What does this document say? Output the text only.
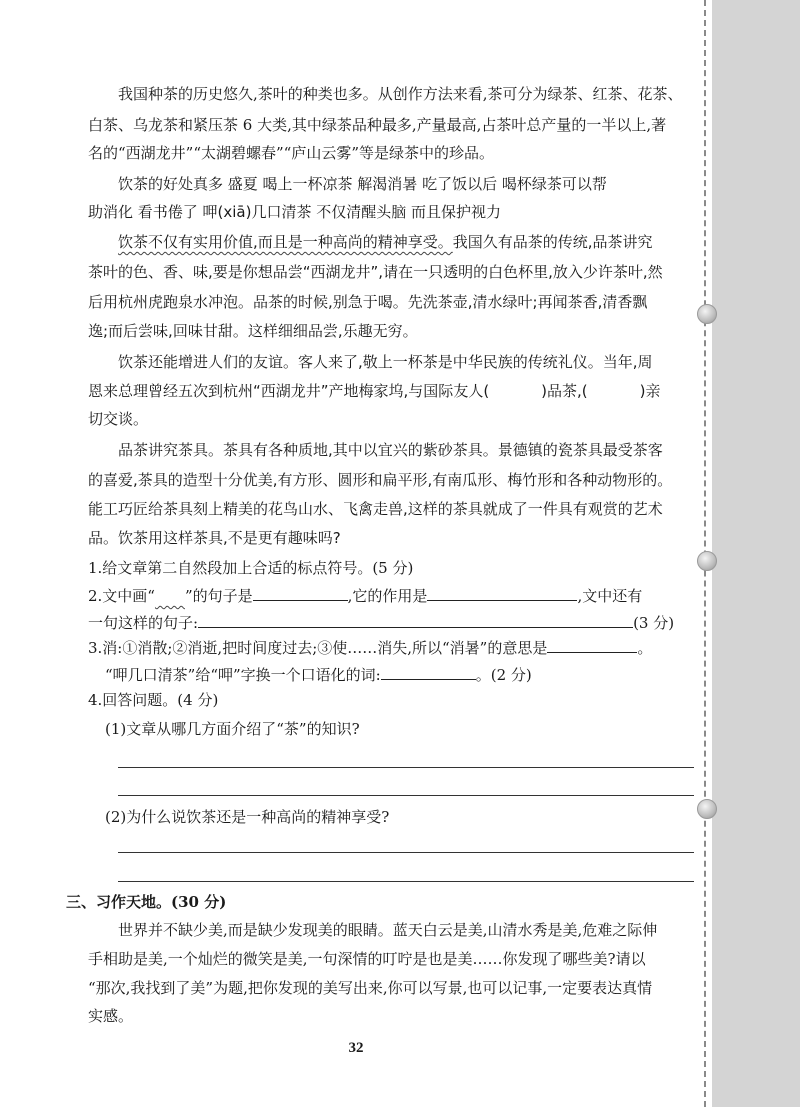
我国种茶的历史悠久,茶叶的种类也多。从创作方法来看,茶可分为绿茶、红茶、花茶、
白茶、乌龙茶和紧压茶 6 大类,其中绿茶品种最多,产量最高,占茶叶总产量的一半以上,著
名的“西湖龙井”“太湖碧螺春”“庐山云雾”等是绿茶中的珍品。
饮茶的好处真多 盛夏 喝上一杯凉茶 解渴消暑 吃了饭以后 喝杯绿茶可以帮
助消化 看书倦了 呷(xiā)几口清茶 不仅清醒头脑 而且保护视力
饮茶不仅有实用价值,而且是一种高尚的精神享受。我国久有品茶的传统,品茶讲究
茶叶的色、香、味,要是你想品尝“西湖龙井”,请在一只透明的白色杯里,放入少许茶叶,然
后用杭州虎跑泉水冲泡。品茶的时候,别急于喝。先洗茶壶,清水绿叶;再闻茶香,清香飘
逸;而后尝味,回味甘甜。这样细细品尝,乐趣无穷。
饮茶还能增进人们的友谊。客人来了,敬上一杯茶是中华民族的传统礼仪。当年,周
恩来总理曾经五次到杭州“西湖龙井”产地梅家坞,与国际友人(	)品茶,(	)亲
切交谈。
品茶讲究茶具。茶具有各种质地,其中以宜兴的紫砂茶具。景德镇的瓷茶具最受茶客
的喜爱,茶具的造型十分优美,有方形、圆形和扁平形,有南瓜形、梅竹形和各种动物形的。
能工巧匠给茶具刻上精美的花鸟山水、飞禽走兽,这样的茶具就成了一件具有观赏的艺术
品。饮茶用这样茶具,不是更有趣味吗?
1.给文章第二自然段加上合适的标点符号。(5 分)
2.文中画“     ”的句子是	,它的作用是	,文中还有
一句这样的句子:	(3 分)
3.消:①消散;②消逝,把时间度过去;③使……消失,所以“消暑”的意思是	。
“呷几口清茶”给“呷”字换一个口语化的词:	。(2 分)
4.回答问题。(4 分)
(1)文章从哪几方面介绍了“茶”的知识?
(2)为什么说饮茶还是一种高尚的精神享受?
三、习作天地。(30 分)
世界并不缺少美,而是缺少发现美的眼睛。蓝天白云是美,山清水秀是美,危难之际伸
手相助是美,一个灿烂的微笑是美,一句深情的叮咛是也是美……你发现了哪些美?请以
“那次,我找到了美”为题,把你发现的美写出来,你可以写景,也可以记事,一定要表达真情
实感。
32
